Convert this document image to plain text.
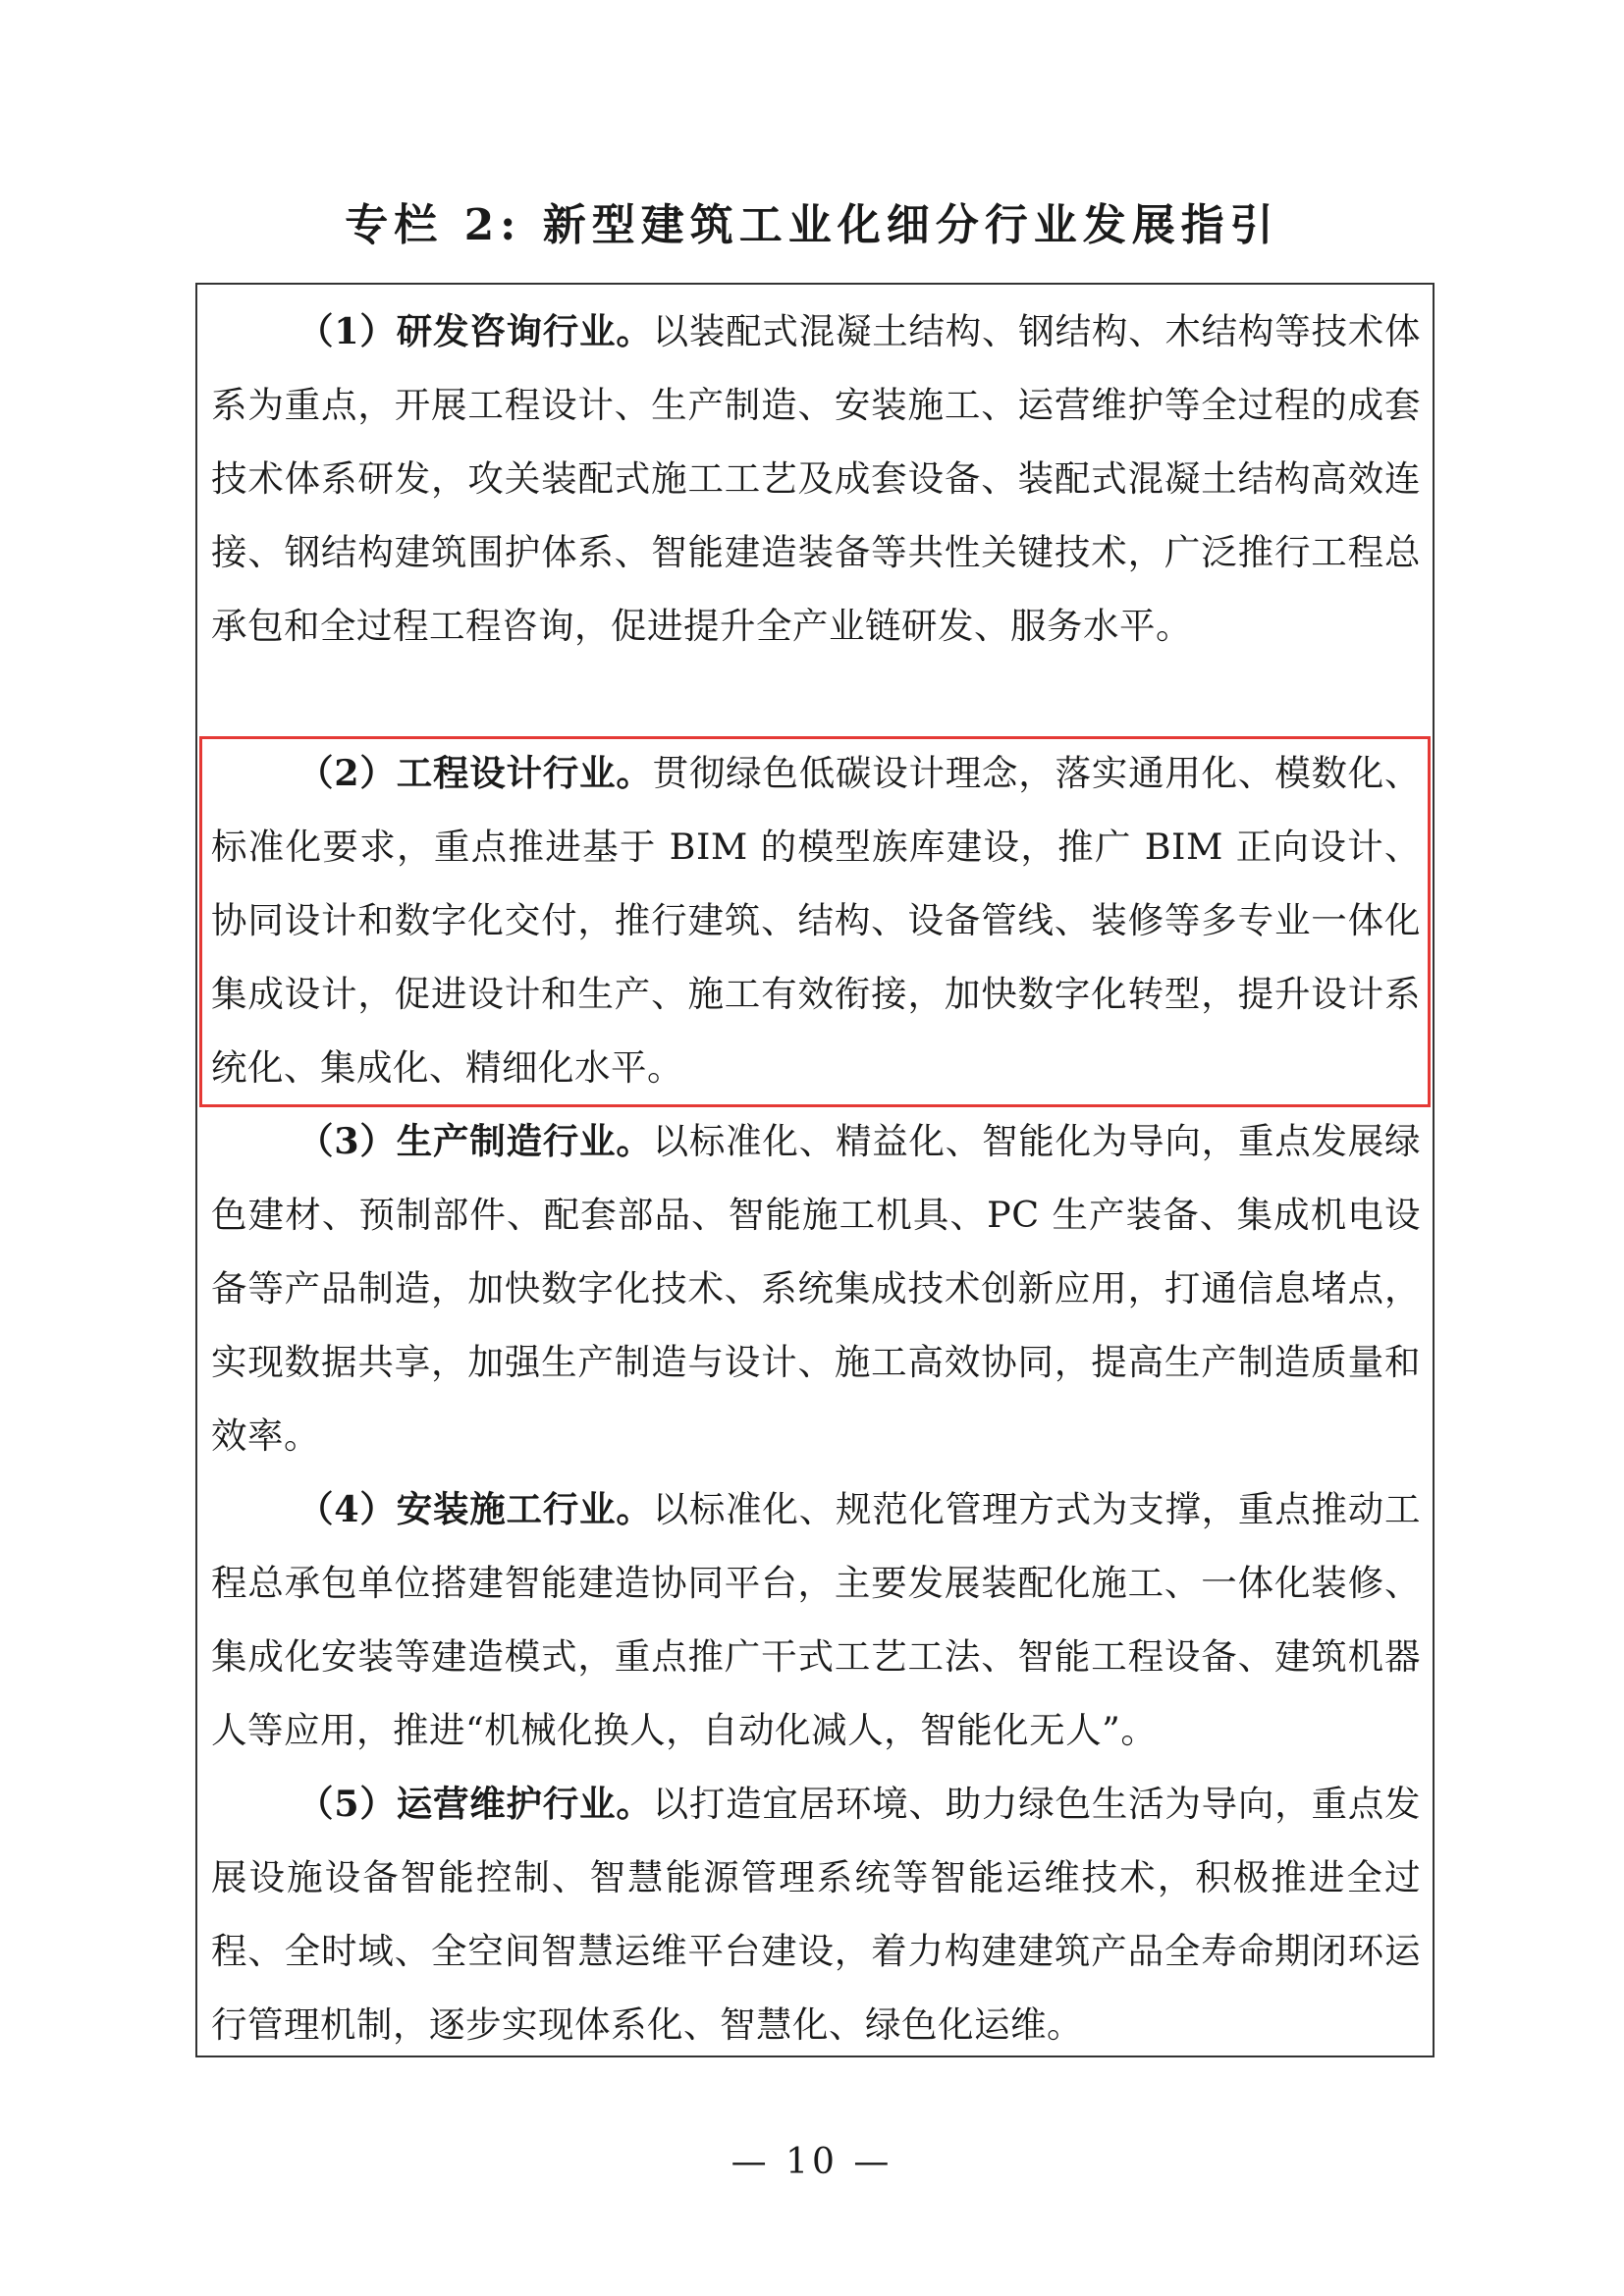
专栏 2: 新型建筑工业化细分行业发展指引

（1）研发咨询行业。以装配式混凝土结构、钢结构、木结构等技术体系为重点，开展工程设计、生产制造、安装施工、运营维护等全过程的成套技术体系研发，攻关装配式施工工艺及成套设备、装配式混凝土结构高效连接、钢结构建筑围护体系、智能建造装备等共性关键技术，广泛推行工程总承包和全过程工程咨询，促进提升全产业链研发、服务水平。

（2）工程设计行业。贯彻绿色低碳设计理念，落实通用化、模数化、标准化要求，重点推进基于 BIM 的模型族库建设，推广 BIM 正向设计、协同设计和数字化交付，推行建筑、结构、设备管线、装修等多专业一体化集成设计，促进设计和生产、施工有效衔接，加快数字化转型，提升设计系统化、集成化、精细化水平。

（3）生产制造行业。以标准化、精益化、智能化为导向，重点发展绿色建材、预制部件、配套部品、智能施工机具、PC 生产装备、集成机电设备等产品制造，加快数字化技术、系统集成技术创新应用，打通信息堵点，实现数据共享，加强生产制造与设计、施工高效协同，提高生产制造质量和效率。

（4）安装施工行业。以标准化、规范化管理方式为支撑，重点推动工程总承包单位搭建智能建造协同平台，主要发展装配化施工、一体化装修、集成化安装等建造模式，重点推广干式工艺工法、智能工程设备、建筑机器人等应用，推进“机械化换人，自动化减人，智能化无人”。

（5）运营维护行业。以打造宜居环境、助力绿色生活为导向，重点发展设施设备智能控制、智慧能源管理系统等智能运维技术，积极推进全过程、全时域、全空间智慧运维平台建设，着力构建建筑产品全寿命期闭环运行管理机制，逐步实现体系化、智慧化、绿色化运维。

— 10 —
